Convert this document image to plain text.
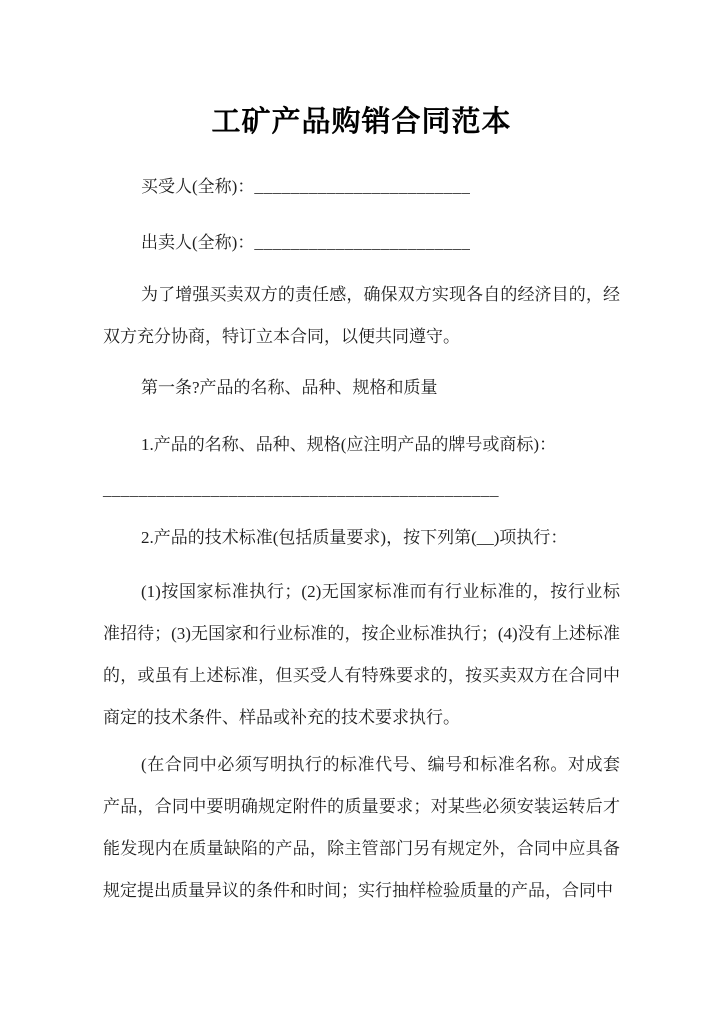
工矿产品购销合同范本

买受人(全称)：________________________

出卖人(全称)：________________________

为了增强买卖双方的责任感，确保双方实现各自的经济目的，经双方充分协商，特订立本合同，以便共同遵守。

第一条?产品的名称、品种、规格和质量

1.产品的名称、品种、规格(应注明产品的牌号或商标)：

____________________________________________

2.产品的技术标准(包括质量要求)，按下列第(__)项执行：

(1)按国家标准执行；(2)无国家标准而有行业标准的，按行业标准招待；(3)无国家和行业标准的，按企业标准执行；(4)没有上述标准的，或虽有上述标准，但买受人有特殊要求的，按买卖双方在合同中商定的技术条件、样品或补充的技术要求执行。

(在合同中必须写明执行的标准代号、编号和标准名称。对成套产品，合同中要明确规定附件的质量要求；对某些必须安装运转后才能发现内在质量缺陷的产品，除主管部门另有规定外，合同中应具备规定提出质量异议的条件和时间；实行抽样检验质量的产品，合同中
